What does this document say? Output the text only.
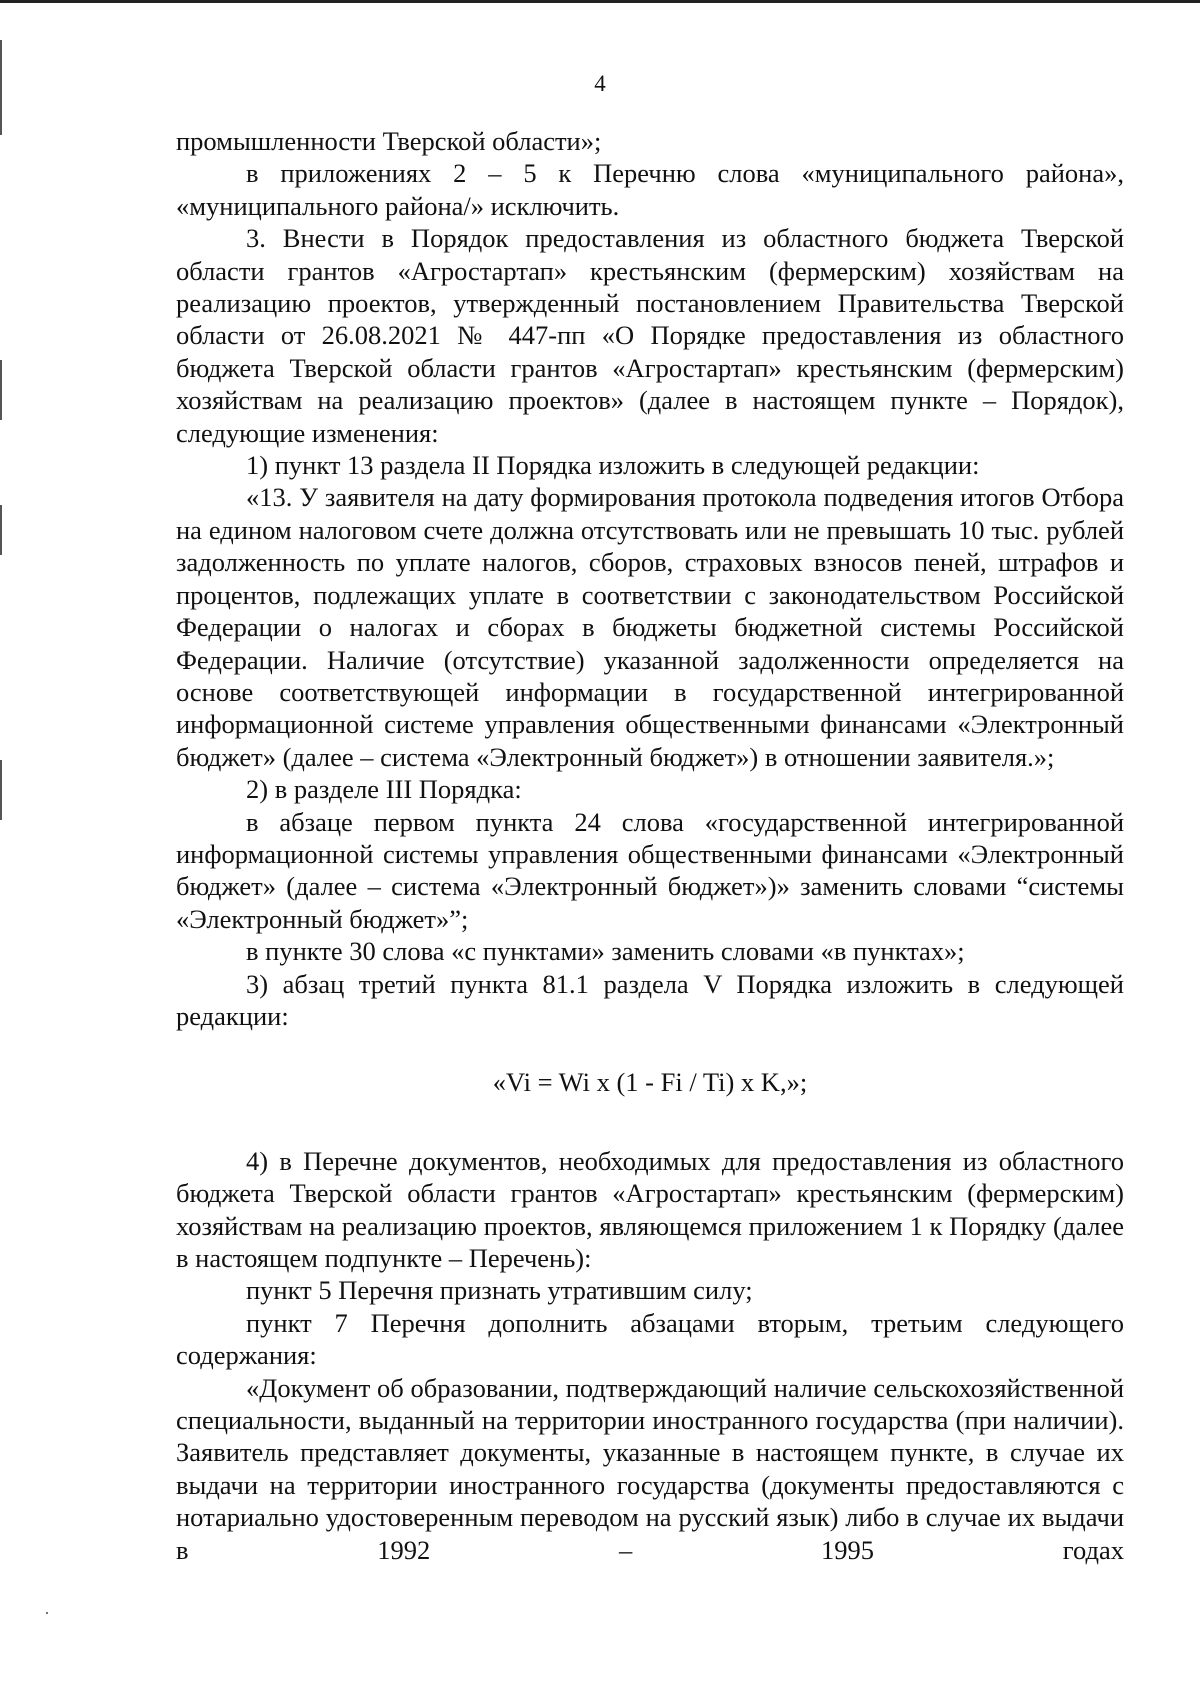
4

промышленности Тверской области»;

в приложениях 2 – 5 к Перечню слова «муниципального района», «муниципального района/» исключить.

3. Внести в Порядок предоставления из областного бюджета Тверской области грантов «Агростартап» крестьянским (фермерским) хозяйствам на реализацию проектов, утвержденный постановлением Правительства Тверской области от 26.08.2021 № 447-пп «О Порядке предоставления из областного бюджета Тверской области грантов «Агростартап» крестьянским (фермерским) хозяйствам на реализацию проектов» (далее в настоящем пункте – Порядок), следующие изменения:

1) пункт 13 раздела II Порядка изложить в следующей редакции:

«13. У заявителя на дату формирования протокола подведения итогов Отбора на едином налоговом счете должна отсутствовать или не превышать 10 тыс. рублей задолженность по уплате налогов, сборов, страховых взносов пеней, штрафов и процентов, подлежащих уплате в соответствии с законодательством Российской Федерации о налогах и сборах в бюджеты бюджетной системы Российской Федерации. Наличие (отсутствие) указанной задолженности определяется на основе соответствующей информации в государственной интегрированной информационной системе управления общественными финансами «Электронный бюджет» (далее – система «Электронный бюджет») в отношении заявителя.»;

2) в разделе III Порядка:

в абзаце первом пункта 24 слова «государственной интегрированной информационной системы управления общественными финансами «Электронный бюджет» (далее – система «Электронный бюджет»)» заменить словами “системы «Электронный бюджет»”;

в пункте 30 слова «с пунктами» заменить словами «в пунктах»;

3) абзац третий пункта 81.1 раздела V Порядка изложить в следующей редакции:

«Vi = Wi x (1 - Fi / Ti) x K,»;

4) в Перечне документов, необходимых для предоставления из областного бюджета Тверской области грантов «Агростартап» крестьянским (фермерским) хозяйствам на реализацию проектов, являющемся приложением 1 к Порядку (далее в настоящем подпункте – Перечень):

пункт 5 Перечня признать утратившим силу;

пункт 7 Перечня дополнить абзацами вторым, третьим следующего содержания:

«Документ об образовании, подтверждающий наличие сельскохозяйственной специальности, выданный на территории иностранного государства (при наличии). Заявитель представляет документы, указанные в настоящем пункте, в случае их выдачи на территории иностранного государства (документы предоставляются с нотариально удостоверенным переводом на русский язык) либо в случае их выдачи в 1992 – 1995 годах
